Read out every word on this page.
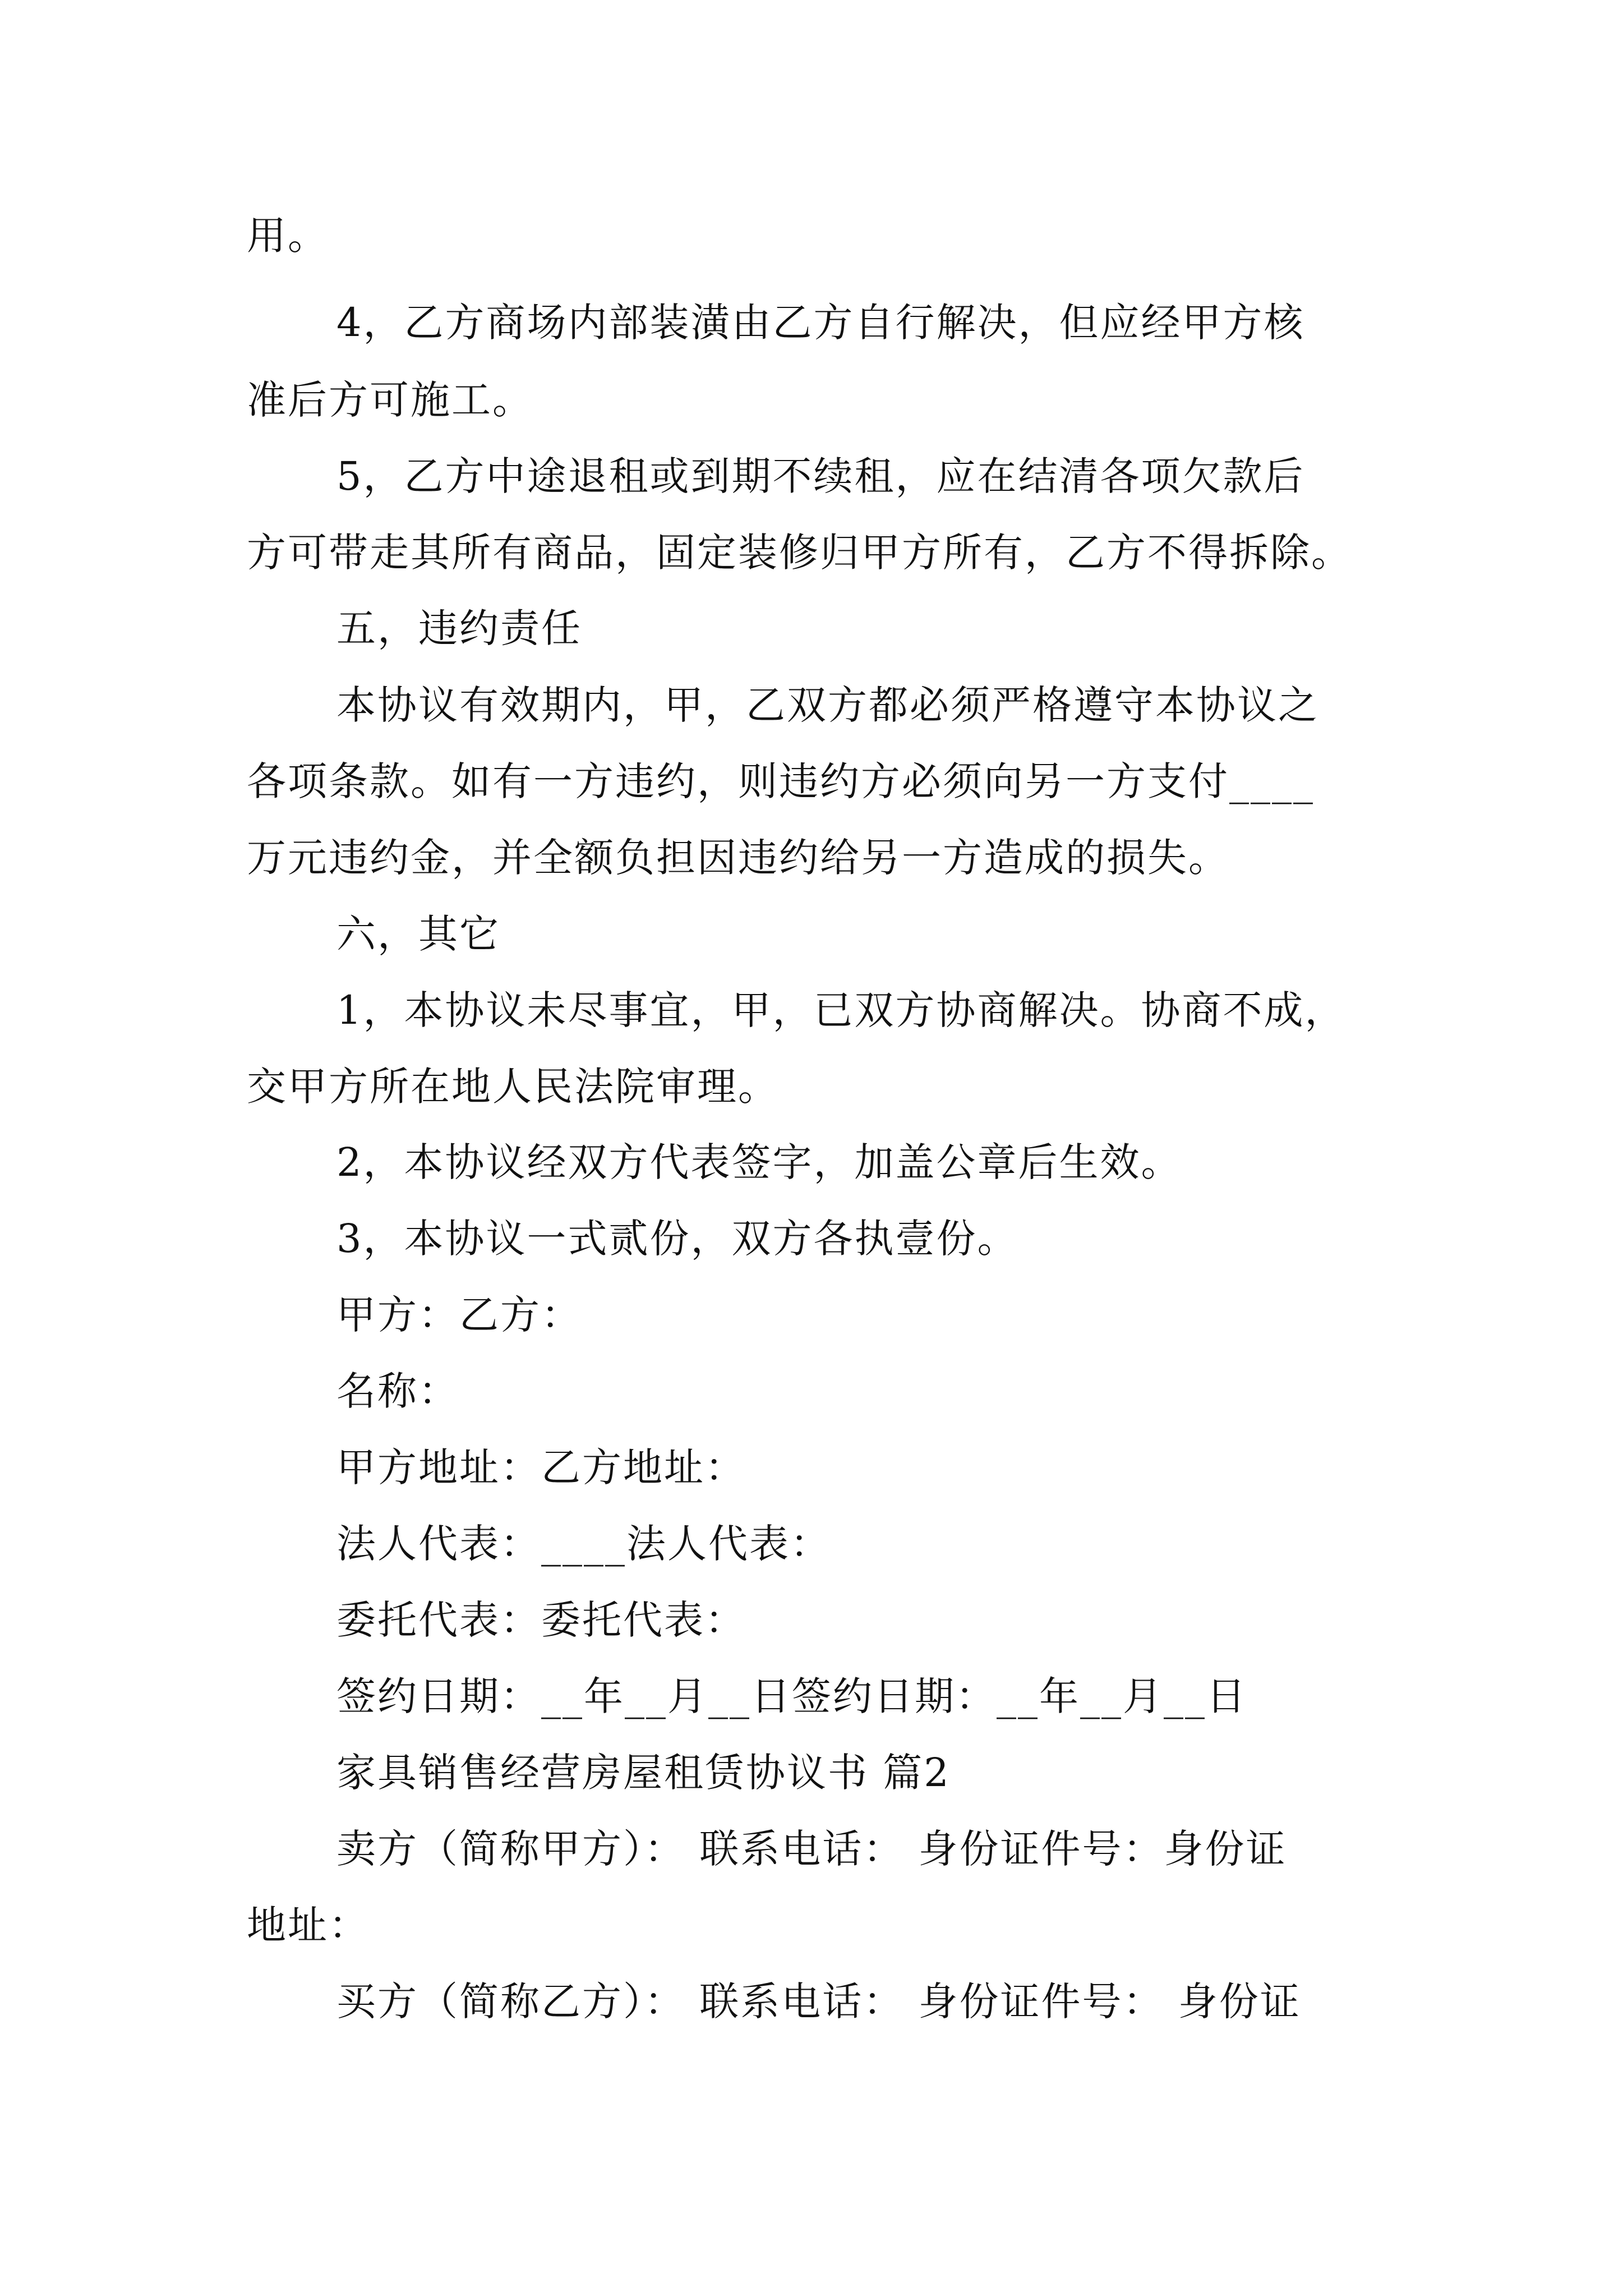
用。
4，乙方商场内部装潢由乙方自行解决，但应经甲方核
准后方可施工。
5，乙方中途退租或到期不续租，应在结清各项欠款后
方可带走其所有商品，固定装修归甲方所有，乙方不得拆除。
五，违约责任
本协议有效期内，甲，乙双方都必须严格遵守本协议之
各项条款。如有一方违约，则违约方必须向另一方支付____
万元违约金，并全额负担因违约给另一方造成的损失。
六，其它
1，本协议未尽事宜，甲，已双方协商解决。协商不成，
交甲方所在地人民法院审理。
2，本协议经双方代表签字，加盖公章后生效。
3，本协议一式贰份，双方各执壹份。
甲方：乙方：
名称：
甲方地址：乙方地址：
法人代表：____法人代表：
委托代表：委托代表：
签约日期：__年__月__日签约日期：__年__月__日
家具销售经营房屋租赁协议书 篇2
卖方（简称甲方）： 联系电话： 身份证件号：身份证
地址：
买方（简称乙方）： 联系电话： 身份证件号： 身份证
